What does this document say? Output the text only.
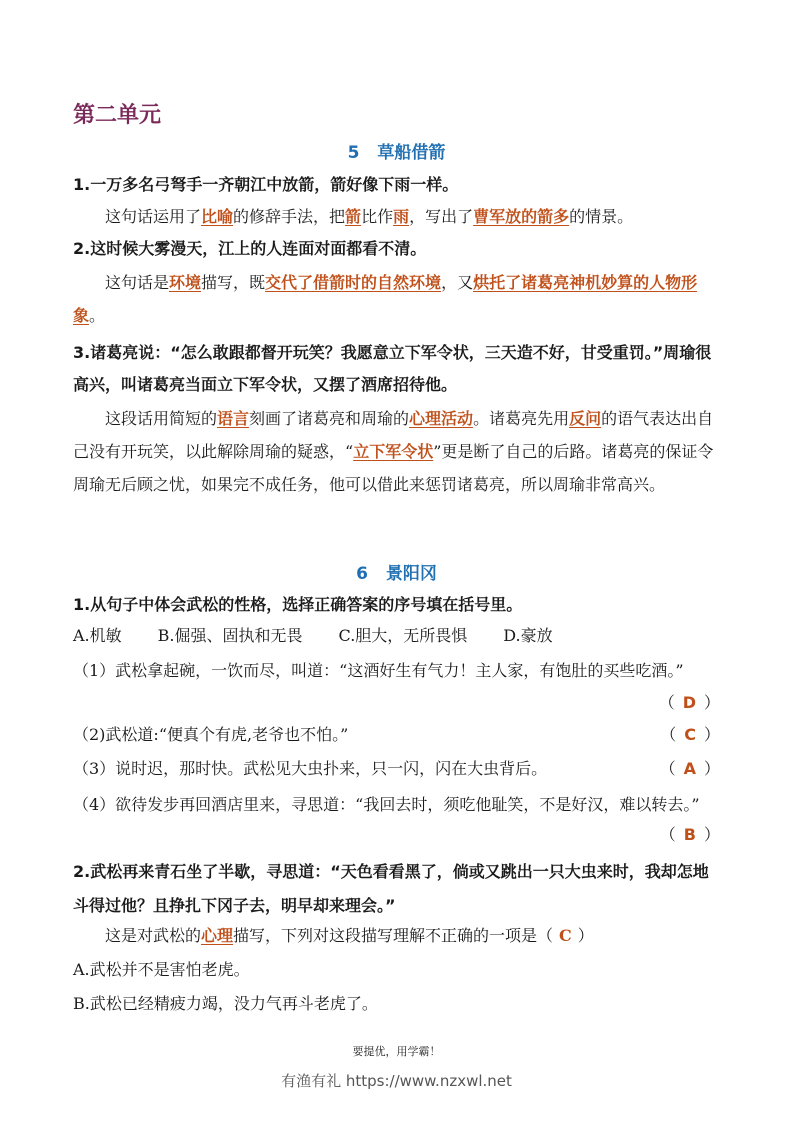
第二单元
5 草船借箭
1.一万多名弓弩手一齐朝江中放箭，箭好像下雨一样。
这句话运用了比喻的修辞手法，把箭比作雨，写出了曹军放的箭多的情景。
2.这时候大雾漫天，江上的人连面对面都看不清。
这句话是环境描写，既交代了借箭时的自然环境，又烘托了诸葛亮神机妙算的人物形象。
3.诸葛亮说：“怎么敢跟都督开玩笑？我愿意立下军令状，三天造不好，甘受重罚。”周瑜很高兴，叫诸葛亮当面立下军令状，又摆了酒席招待他。
这段话用简短的语言刻画了诸葛亮和周瑜的心理活动。诸葛亮先用反问的语气表达出自己没有开玩笑，以此解除周瑜的疑惑，“立下军令状”更是断了自己的后路。诸葛亮的保证令周瑜无后顾之忧，如果完不成任务，他可以借此来惩罚诸葛亮，所以周瑜非常高兴。
6 景阳冈
1.从句子中体会武松的性格，选择正确答案的序号填在括号里。
A.机敏 B.倔强、固执和无畏 C.胆大，无所畏惧 D.豪放
（1）武松拿起碗，一饮而尽，叫道：“这酒好生有气力！主人家，有饱肚的买些吃酒。”
（ D ）
（2)武松道:“便真个有虎,老爷也不怕。”	（ C ）
（3）说时迟，那时快。武松见大虫扑来，只一闪，闪在大虫背后。	（ A ）
（4）欲待发步再回酒店里来，寻思道：“我回去时，须吃他耻笑，不是好汉，难以转去。”
（ B ）
2.武松再来青石坐了半歇，寻思道：“天色看看黑了，倘或又跳出一只大虫来时，我却怎地斗得过他？且挣扎下冈子去，明早却来理会。”
这是对武松的心理描写，下列对这段描写理解不正确的一项是（ C ）
A.武松并不是害怕老虎。
B.武松已经精疲力竭，没力气再斗老虎了。
要提优，用学霸！
有渔有礼 https://www.nzxwl.net
